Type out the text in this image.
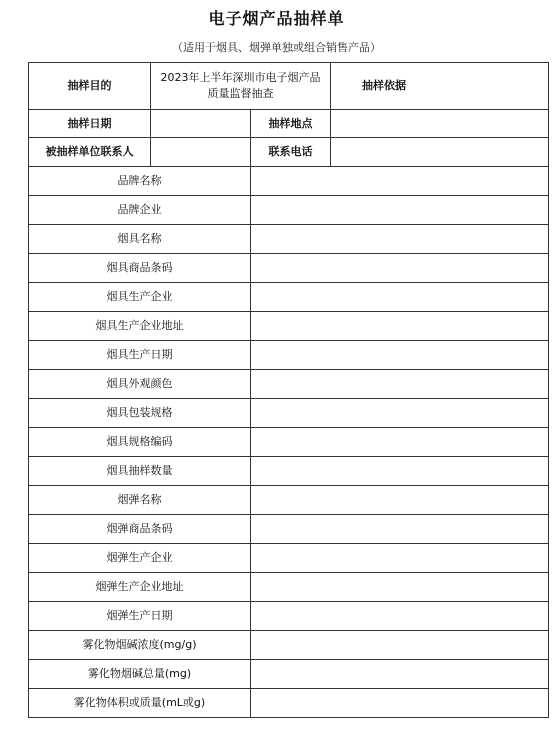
电子烟产品抽样单
（适用于烟具、烟弹单独或组合销售产品）
抽样目的	2023年上半年深圳市电子烟产品
质量监督抽查		抽样依据

抽样日期		抽样地点	
被抽样单位联系人		联系电话	
品牌名称			
品牌企业			
烟具名称			
烟具商品条码			
烟具生产企业			
烟具生产企业地址			
烟具生产日期			
烟具外观颜色			
烟具包装规格			
烟具规格编码			
烟具抽样数量			
烟弹名称			
烟弹商品条码			
烟弹生产企业			
烟弹生产企业地址			
烟弹生产日期			
雾化物烟碱浓度(mg/g)			
雾化物烟碱总量(mg)			
雾化物体积或质量(mL或g)			
